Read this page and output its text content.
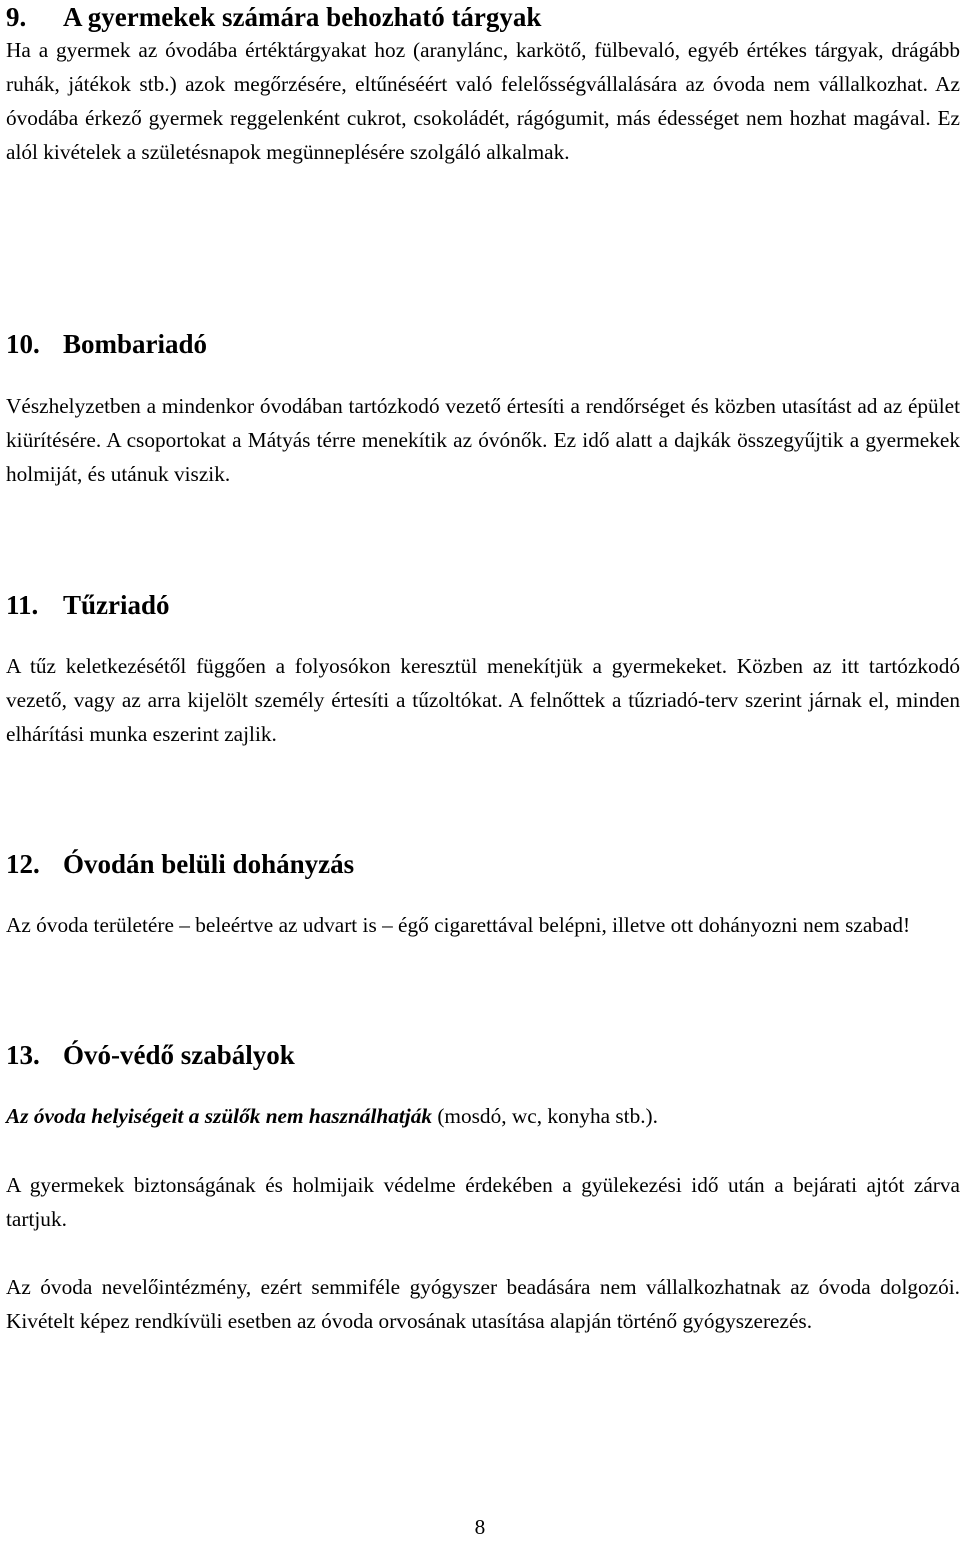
9. A gyermekek számára behozható tárgyak

Ha a gyermek az óvodába értéktárgyakat hoz (aranylánc, karkötő, fülbevaló, egyéb értékes tárgyak, drágább ruhák, játékok stb.) azok megőrzésére, eltűnéséért való felelősségvállalására az óvoda nem vállalkozhat. Az óvodába érkező gyermek reggelenként cukrot, csokoládét, rágógumit, más édességet nem hozhat magával. Ez alól kivételek a születésnapok megünneplésére szolgáló alkalmak.

10. Bombariadó

Vészhelyzetben a mindenkor óvodában tartózkodó vezető értesíti a rendőrséget és közben utasítást ad az épület kiürítésére. A csoportokat a Mátyás térre menekítik az óvónők. Ez idő alatt a dajkák összegyűjtik a gyermekek holmiját, és utánuk viszik.

11. Tűzriadó

A tűz keletkezésétől függően a folyosókon keresztül menekítjük a gyermekeket. Közben az itt tartózkodó vezető, vagy az arra kijelölt személy értesíti a tűzoltókat. A felnőttek a tűzriadó-terv szerint járnak el, minden elhárítási munka eszerint zajlik.

12. Óvodán belüli dohányzás

Az óvoda területére – beleértve az udvart is – égő cigarettával belépni, illetve ott dohányozni nem szabad!

13. Óvó-védő szabályok

Az óvoda helyiségeit a szülők nem használhatják (mosdó, wc, konyha stb.).

A gyermekek biztonságának és holmijaik védelme érdekében a gyülekezési idő után a bejárati ajtót zárva tartjuk.

Az óvoda nevelőintézmény, ezért semmiféle gyógyszer beadására nem vállalkozhatnak az óvoda dolgozói. Kivételt képez rendkívüli esetben az óvoda orvosának utasítása alapján történő gyógyszerezés.

8
